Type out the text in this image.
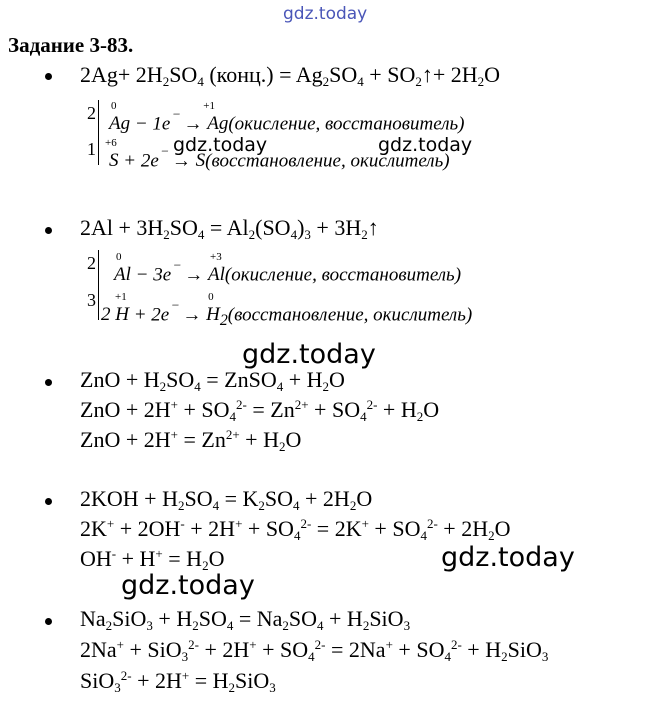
gdz.today
gdz.today	gdz.today
gdz.today
gdz.today
gdz.today
Задание 3-83.
$2Ag+ 2H_2SO_4$ (конц.) = $Ag_2SO_4$ + $SO_2↑+ 2H_2O$
2
1
0
Ag − 1e⁻ →
+1
Ag(окисление, восстановитель)
+6
S + 2e⁻ →
S(восстановление, окислитель)
$2Al + 3H_2SO_4 = Al_2(SO_4)_3$ + $3H_2↑$
2
3
0
Al − 3e⁻ →
+3
Al(окисление, восстановитель)
+1
2 H + 2e⁻ →
0
$H_2(восстановление$, окислитель)
ZnO + $H_2SO_4$ = ZnSO$_4$ + $H_2O$
ZnO + $2H^+ + SO_4^{2-} = Zn^{2+} + SO_4^{2-} + H_2O$
ZnO + $2H^+ = Zn^{2+} + H_2O$
$2KOH + H_2SO_4 = K_2SO_4 + 2H_2O$
$2K^+ + 2OH^- + 2H^+ + SO_4^{2-} = 2K^+ + SO_4^{2-} + 2H_2O$
$OH^- + H^+ = H_2O$
$Na_2SiO_3 + H_2SO_4 = Na_2SO_4 + H_2SiO_3$
$2Na^+ + SiO_3^{2-} + 2H^+ + SO_4^{2-} = 2Na^+ + SO_4^{2-} + H_2SiO_3$
$SiO_3^{2-} + 2H^+ = H_2SiO_3$
